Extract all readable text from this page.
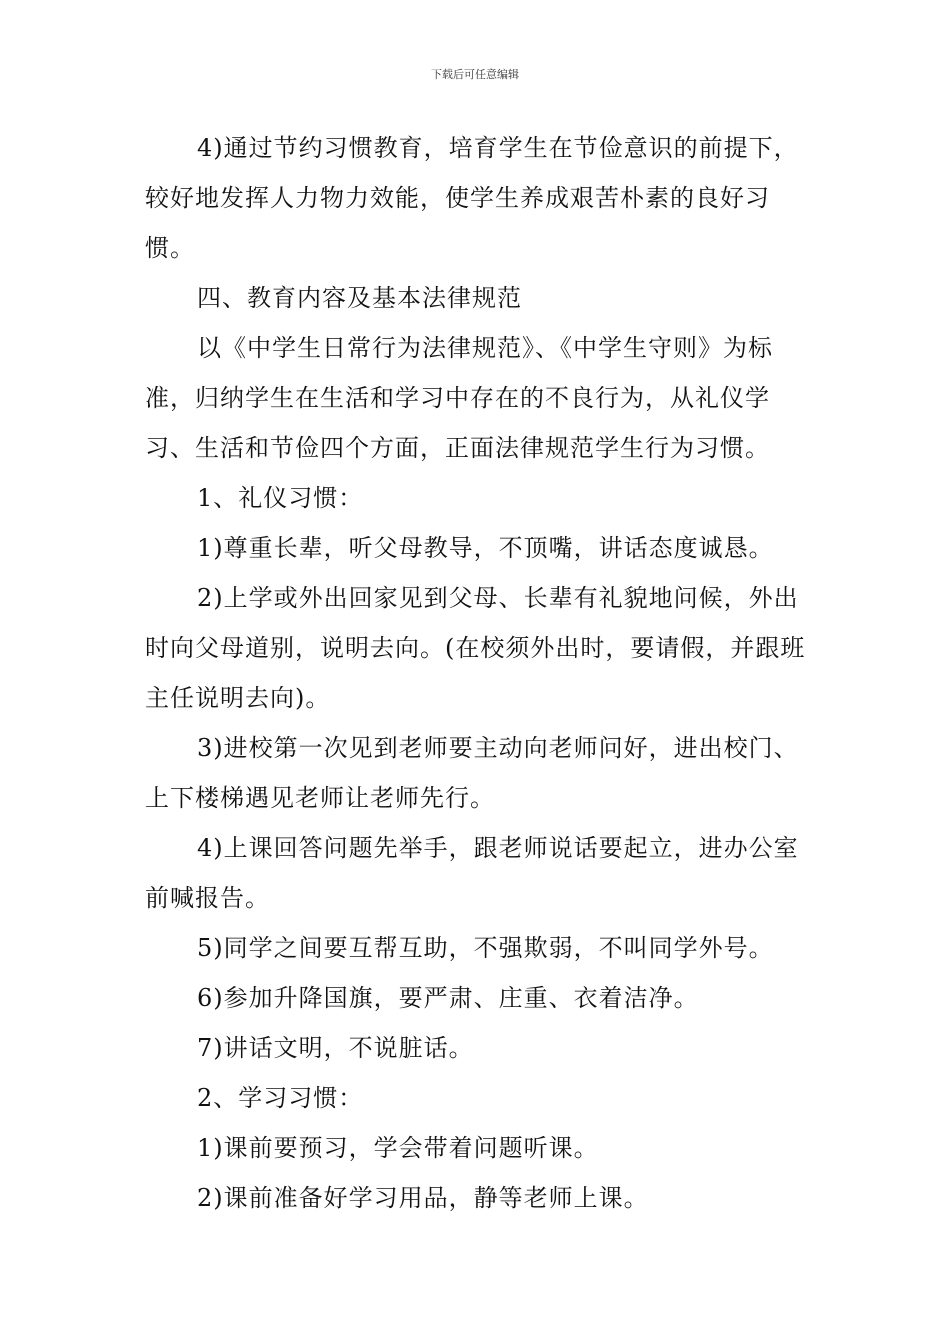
下载后可任意编辑

4)通过节约习惯教育，培育学生在节俭意识的前提下，较好地发挥人力物力效能，使学生养成艰苦朴素的良好习惯。

四、教育内容及基本法律规范

以《中学生日常行为法律规范》、《中学生守则》为标准，归纳学生在生活和学习中存在的不良行为，从礼仪学习、生活和节俭四个方面，正面法律规范学生行为习惯。

1、礼仪习惯：

1)尊重长辈，听父母教导，不顶嘴，讲话态度诚恳。

2)上学或外出回家见到父母、长辈有礼貌地问候，外出时向父母道别，说明去向。(在校须外出时，要请假，并跟班主任说明去向)。

3)进校第一次见到老师要主动向老师问好，进出校门、上下楼梯遇见老师让老师先行。

4)上课回答问题先举手，跟老师说话要起立，进办公室前喊报告。

5)同学之间要互帮互助，不强欺弱，不叫同学外号。

6)参加升降国旗，要严肃、庄重、衣着洁净。

7)讲话文明，不说脏话。

2、学习习惯：

1)课前要预习，学会带着问题听课。

2)课前准备好学习用品，静等老师上课。
